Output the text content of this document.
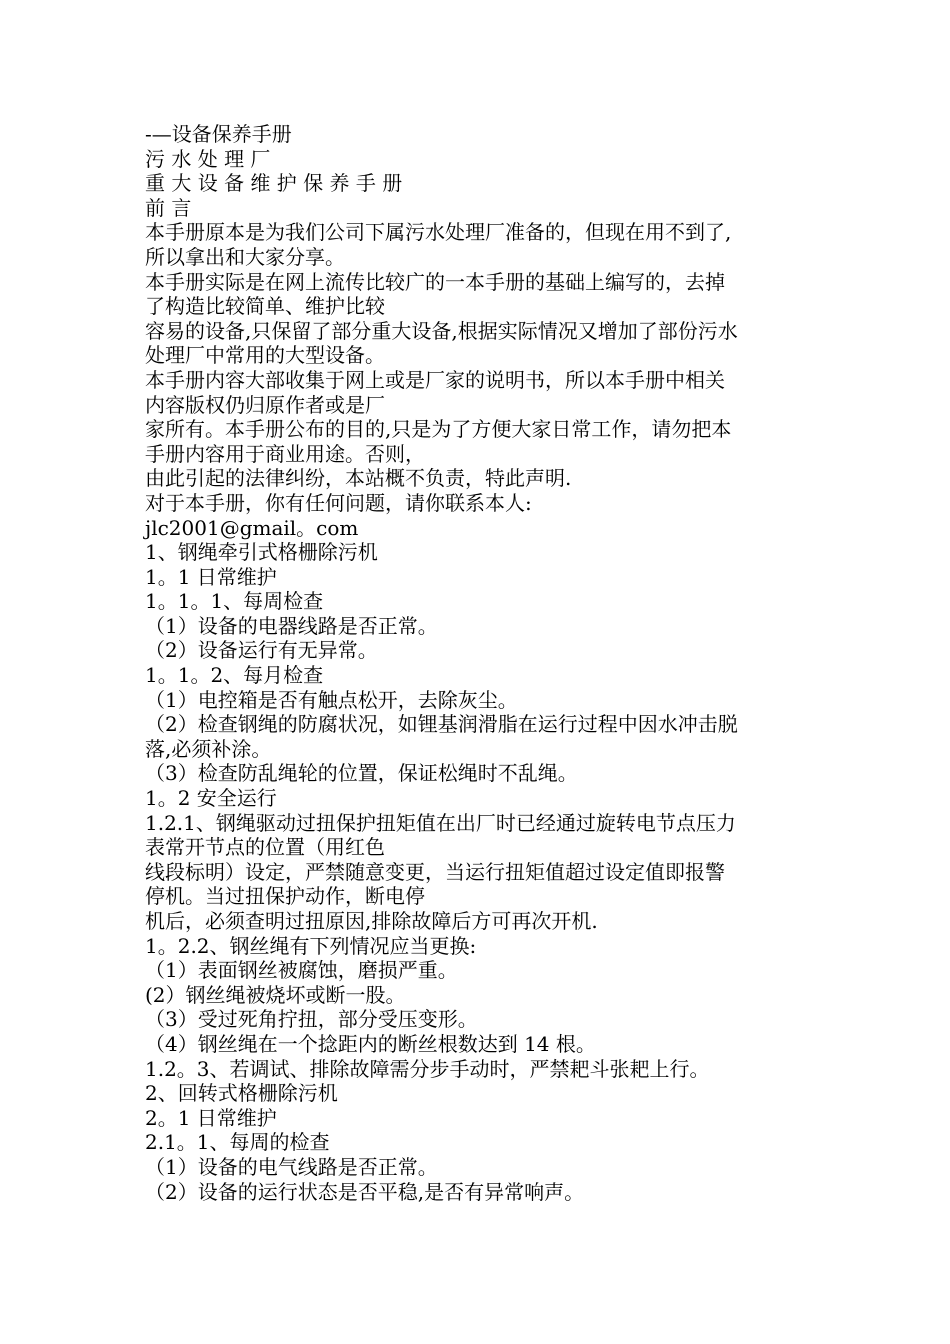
-—设备保养手册
污 水 处 理 厂
重 大 设 备 维 护 保 养 手 册
前 言
本手册原本是为我们公司下属污水处理厂准备的，但现在用不到了,
所以拿出和大家分享。
本手册实际是在网上流传比较广的一本手册的基础上编写的，去掉
了构造比较简单、维护比较
容易的设备,只保留了部分重大设备,根据实际情况又增加了部份污水
处理厂中常用的大型设备。
本手册内容大部收集于网上或是厂家的说明书，所以本手册中相关
内容版权仍归原作者或是厂
家所有。本手册公布的目的,只是为了方便大家日常工作，请勿把本
手册内容用于商业用途。否则，
由此引起的法律纠纷，本站概不负责，特此声明.
对于本手册，你有任何问题，请你联系本人:
jlc2001@gmail。com
1、钢绳牵引式格栅除污机
1。1 日常维护
1。1。1、每周检查
（1）设备的电器线路是否正常。
（2）设备运行有无异常。
1。1。2、每月检查
（1）电控箱是否有触点松开，去除灰尘。
（2）检查钢绳的防腐状况，如锂基润滑脂在运行过程中因水冲击脱
落,必须补涂。
（3）检查防乱绳轮的位置，保证松绳时不乱绳。
1。2 安全运行
1.2.1、钢绳驱动过扭保护扭矩值在出厂时已经通过旋转电节点压力
表常开节点的位置（用红色
线段标明）设定，严禁随意变更，当运行扭矩值超过设定值即报警
停机。当过扭保护动作，断电停
机后，必须查明过扭原因,排除故障后方可再次开机.
1。2.2、钢丝绳有下列情况应当更换:
（1）表面钢丝被腐蚀，磨损严重。
(2）钢丝绳被烧坏或断一股。
（3）受过死角拧扭，部分受压变形。
（4）钢丝绳在一个捻距内的断丝根数达到 14 根。
1.2。3、若调试、排除故障需分步手动时，严禁耙斗张耙上行。
2、回转式格栅除污机
2。1 日常维护
2.1。1、每周的检查
（1）设备的电气线路是否正常。
（2）设备的运行状态是否平稳,是否有异常响声。
